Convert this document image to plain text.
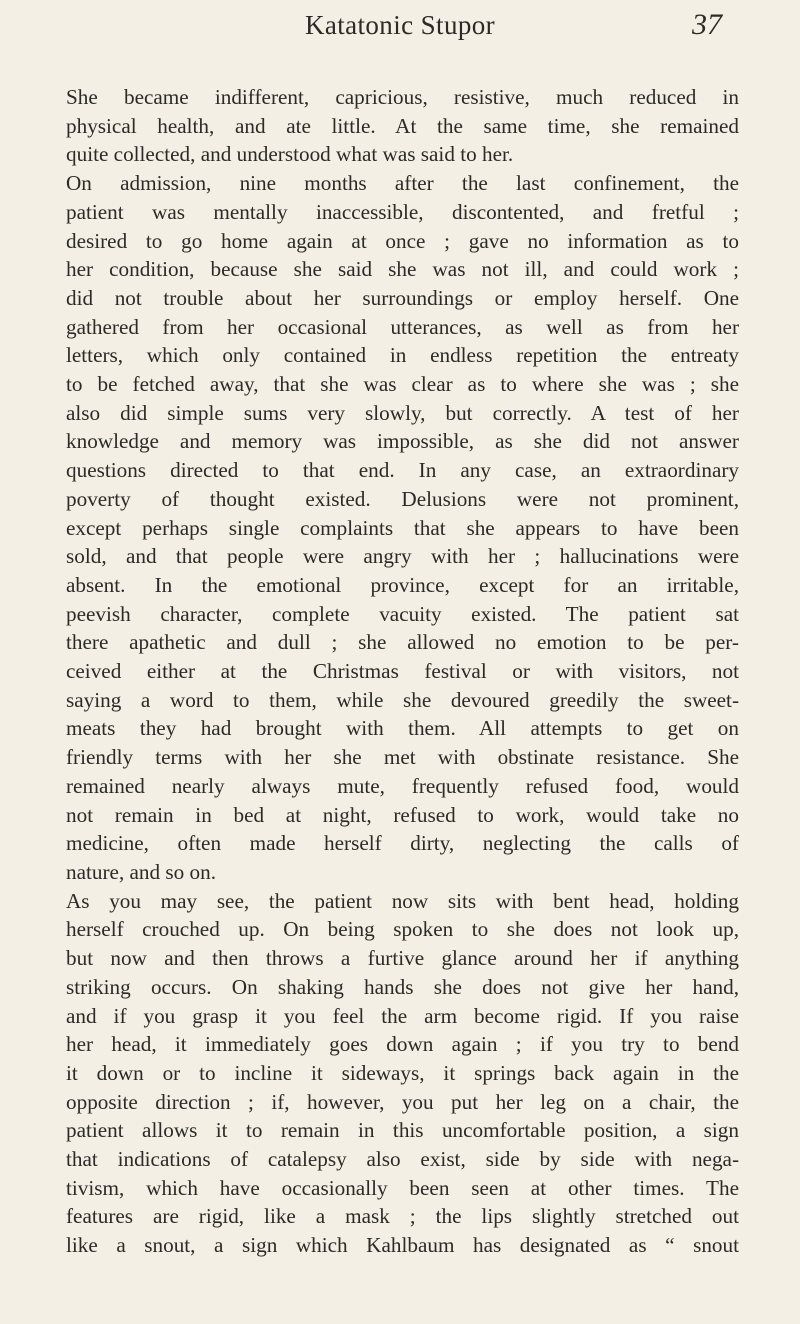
Katatonic Stupor	37
She became indifferent, capricious, resistive, much reduced in
physical health, and ate little. At the same time, she remained
quite collected, and understood what was said to her.
On admission, nine months after the last confinement, the
patient was mentally inaccessible, discontented, and fretful ;
desired to go home again at once ; gave no information as to
her condition, because she said she was not ill, and could work ;
did not trouble about her surroundings or employ herself. One
gathered from her occasional utterances, as well as from her
letters, which only contained in endless repetition the entreaty
to be fetched away, that she was clear as to where she was ; she
also did simple sums very slowly, but correctly. A test of her
knowledge and memory was impossible, as she did not answer
questions directed to that end. In any case, an extraordinary
poverty of thought existed. Delusions were not prominent,
except perhaps single complaints that she appears to have been
sold, and that people were angry with her ; hallucinations were
absent. In the emotional province, except for an irritable,
peevish character, complete vacuity existed. The patient sat
there apathetic and dull ; she allowed no emotion to be per-
ceived either at the Christmas festival or with visitors, not
saying a word to them, while she devoured greedily the sweet-
meats they had brought with them. All attempts to get on
friendly terms with her she met with obstinate resistance. She
remained nearly always mute, frequently refused food, would
not remain in bed at night, refused to work, would take no
medicine, often made herself dirty, neglecting the calls of
nature, and so on.
As you may see, the patient now sits with bent head, holding
herself crouched up. On being spoken to she does not look up,
but now and then throws a furtive glance around her if anything
striking occurs. On shaking hands she does not give her hand,
and if you grasp it you feel the arm become rigid. If you raise
her head, it immediately goes down again ; if you try to bend
it down or to incline it sideways, it springs back again in the
opposite direction ; if, however, you put her leg on a chair, the
patient allows it to remain in this uncomfortable position, a sign
that indications of catalepsy also exist, side by side with nega-
tivism, which have occasionally been seen at other times. The
features are rigid, like a mask ; the lips slightly stretched out
like a snout, a sign which Kahlbaum has designated as “ snout
